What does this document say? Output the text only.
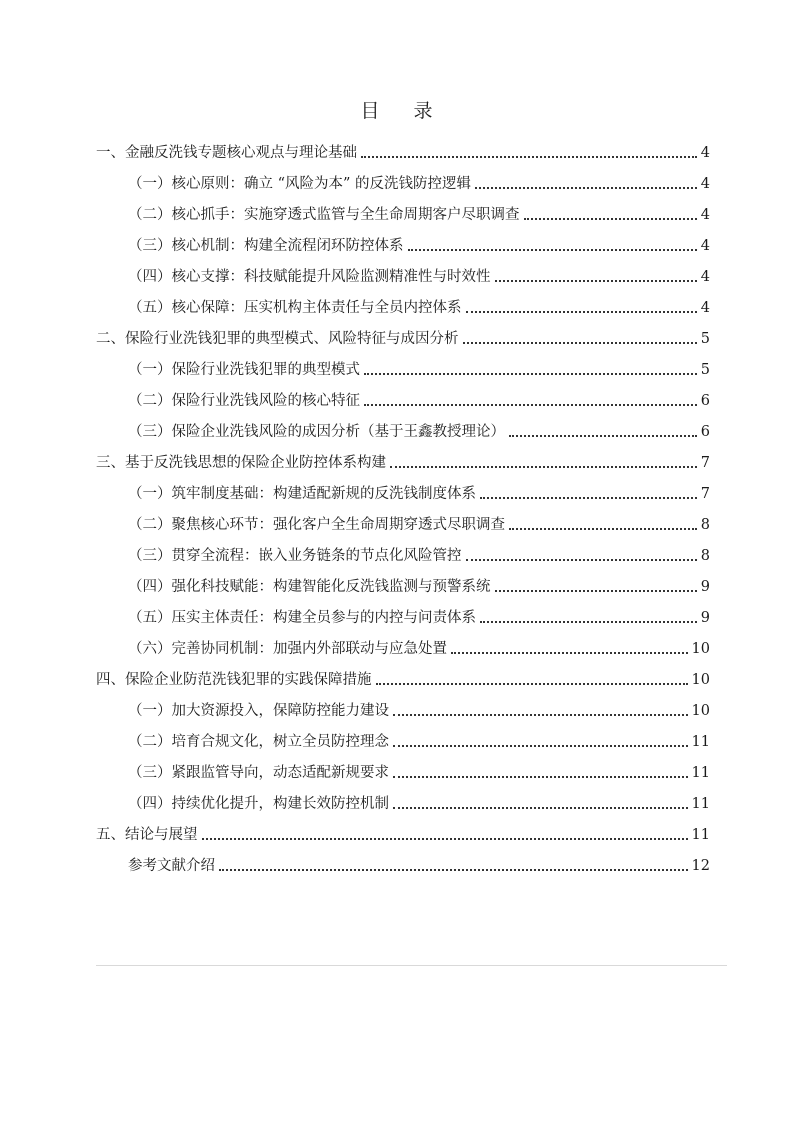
目 录
一、金融反洗钱专题核心观点与理论基础	4
（一）核心原则：确立 “风险为本” 的反洗钱防控逻辑	4
（二）核心抓手：实施穿透式监管与全生命周期客户尽职调查	4
（三）核心机制：构建全流程闭环防控体系	4
（四）核心支撑：科技赋能提升风险监测精准性与时效性	4
（五）核心保障：压实机构主体责任与全员内控体系	4
二、保险行业洗钱犯罪的典型模式、风险特征与成因分析	5
（一）保险行业洗钱犯罪的典型模式	5
（二）保险行业洗钱风险的核心特征	6
（三）保险企业洗钱风险的成因分析（基于王鑫教授理论）	6
三、基于反洗钱思想的保险企业防控体系构建	7
（一）筑牢制度基础：构建适配新规的反洗钱制度体系	7
（二）聚焦核心环节：强化客户全生命周期穿透式尽职调查	8
（三）贯穿全流程：嵌入业务链条的节点化风险管控	8
（四）强化科技赋能：构建智能化反洗钱监测与预警系统	9
（五）压实主体责任：构建全员参与的内控与问责体系	9
（六）完善协同机制：加强内外部联动与应急处置	10
四、保险企业防范洗钱犯罪的实践保障措施	10
（一）加大资源投入，保障防控能力建设	10
（二）培育合规文化，树立全员防控理念	11
（三）紧跟监管导向，动态适配新规要求	11
（四）持续优化提升，构建长效防控机制	11
五、结论与展望	11
参考文献介绍	12
